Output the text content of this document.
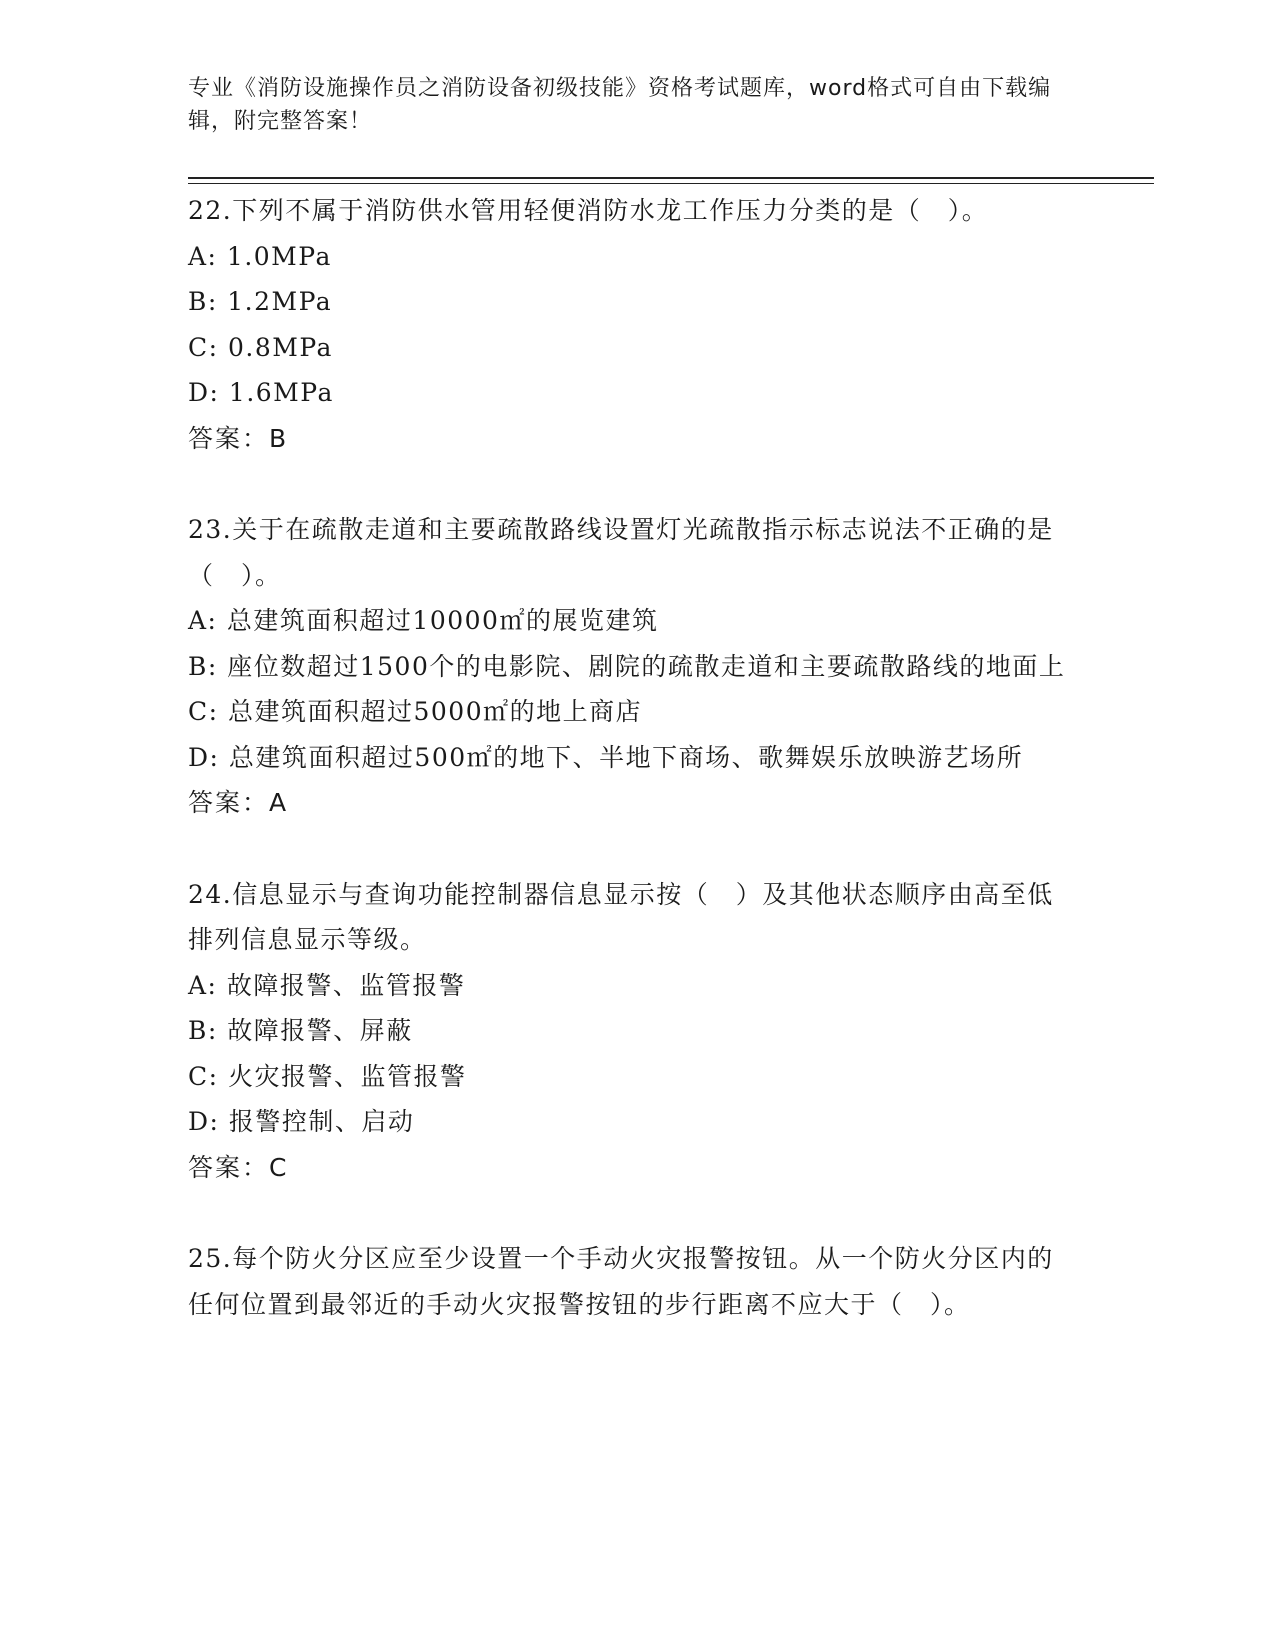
专业《消防设施操作员之消防设备初级技能》资格考试题库，word格式可自由下载编辑，附完整答案！

22.下列不属于消防供水管用轻便消防水龙工作压力分类的是（　）。

A: 1.0MPa

B: 1.2MPa

C: 0.8MPa

D: 1.6MPa

答案：B

23.关于在疏散走道和主要疏散路线设置灯光疏散指示标志说法不正确的是（　）。

A: 总建筑面积超过10000㎡的展览建筑

B: 座位数超过1500个的电影院、剧院的疏散走道和主要疏散路线的地面上

C: 总建筑面积超过5000㎡的地上商店

D: 总建筑面积超过500㎡的地下、半地下商场、歌舞娱乐放映游艺场所

答案：A

24.信息显示与查询功能控制器信息显示按（　）及其他状态顺序由高至低排列信息显示等级。

A: 故障报警、监管报警

B: 故障报警、屏蔽

C: 火灾报警、监管报警

D: 报警控制、启动

答案：C

25.每个防火分区应至少设置一个手动火灾报警按钮。从一个防火分区内的任何位置到最邻近的手动火灾报警按钮的步行距离不应大于（　）。
